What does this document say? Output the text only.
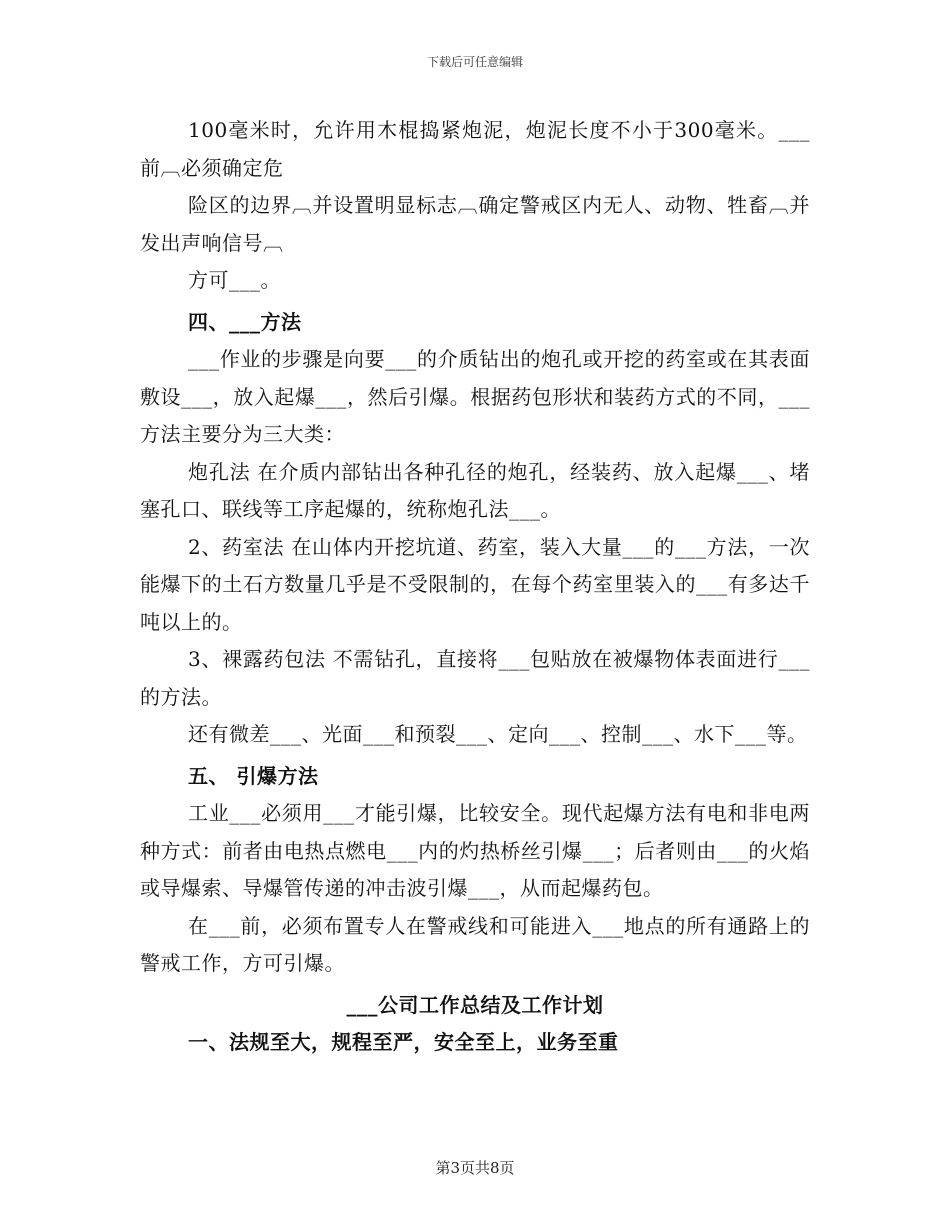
下载后可任意编辑

100毫米时，允许用木棍捣紧炮泥，炮泥长度不小于300毫米。___前︹必须确定危

险区的边界︹并设置明显标志︹确定警戒区内无人、动物、牲畜︹并发出声响信号︹

方可___。

四、___方法

___作业的步骤是向要___的介质钻出的炮孔或开挖的药室或在其表面敷设___，放入起爆___，然后引爆。根据药包形状和装药方式的不同，___方法主要分为三大类：

炮孔法 在介质内部钻出各种孔径的炮孔，经装药、放入起爆___、堵塞孔口、联线等工序起爆的，统称炮孔法___。

2、药室法 在山体内开挖坑道、药室，装入大量___的___方法，一次能爆下的土石方数量几乎是不受限制的，在每个药室里装入的___有多达千吨以上的。

3、裸露药包法 不需钻孔，直接将___包贴放在被爆物体表面进行___的方法。

还有微差___、光面___和预裂___、定向___、控制___、水下___等。

五、 引爆方法

工业___必须用___才能引爆，比较安全。现代起爆方法有电和非电两种方式：前者由电热点燃电___内的灼热桥丝引爆___；后者则由___的火焰或导爆索、导爆管传递的冲击波引爆___，从而起爆药包。

在___前，必须布置专人在警戒线和可能进入___地点的所有通路上的警戒工作，方可引爆。

___公司工作总结及工作计划

一、法规至大，规程至严，安全至上，业务至重

第3页共8页
